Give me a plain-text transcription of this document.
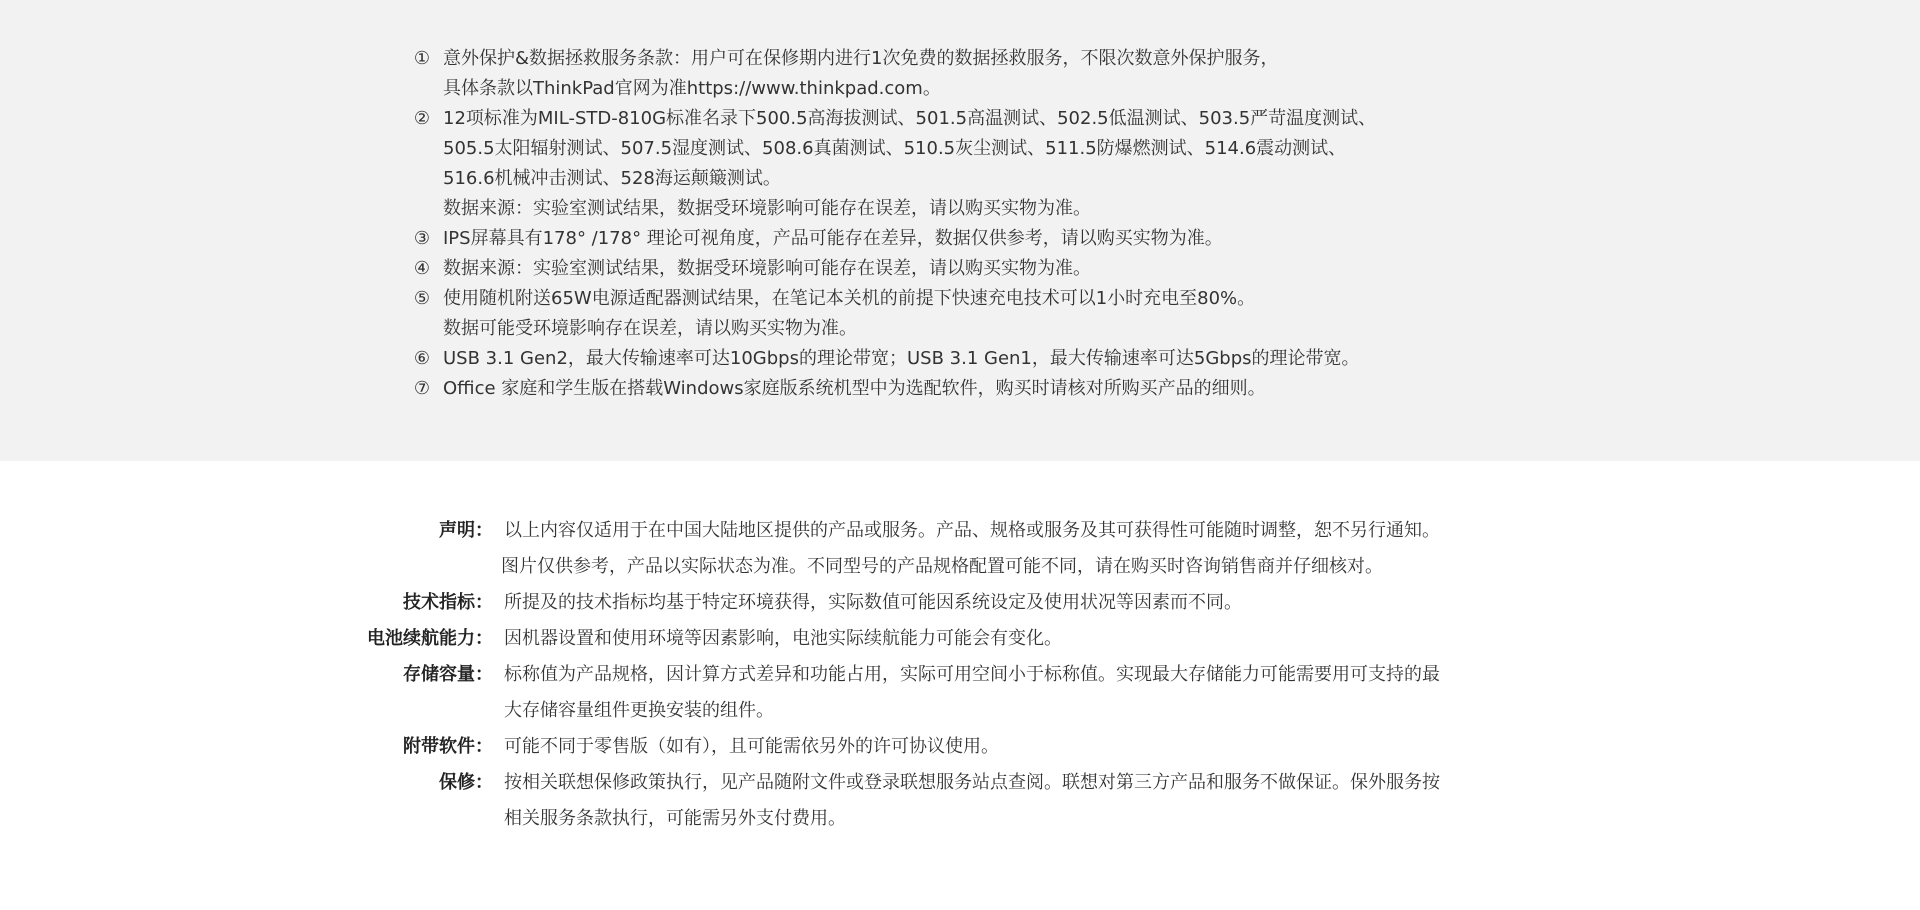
① 意外保护&数据拯救服务条款：用户可在保修期内进行1次免费的数据拯救服务，不限次数意外保护服务，
具体条款以ThinkPad官网为准https://www.thinkpad.com。
② 12项标准为MIL-STD-810G标准名录下500.5高海拔测试、501.5高温测试、502.5低温测试、503.5严苛温度测试、
505.5太阳辐射测试、507.5湿度测试、508.6真菌测试、510.5灰尘测试、511.5防爆燃测试、514.6震动测试、
516.6机械冲击测试、528海运颠簸测试。
数据来源：实验室测试结果，数据受环境影响可能存在误差，请以购买实物为准。
③ IPS屏幕具有178° /178° 理论可视角度，产品可能存在差异，数据仅供参考，请以购买实物为准。
④ 数据来源：实验室测试结果，数据受环境影响可能存在误差，请以购买实物为准。
⑤ 使用随机附送65W电源适配器测试结果，在笔记本关机的前提下快速充电技术可以1小时充电至80%。
数据可能受环境影响存在误差，请以购买实物为准。
⑥ USB 3.1 Gen2，最大传输速率可达10Gbps的理论带宽；USB 3.1 Gen1，最大传输速率可达5Gbps的理论带宽。
⑦ Office 家庭和学生版在搭载Windows家庭版系统机型中为选配软件，购买时请核对所购买产品的细则。
声明： 以上内容仅适用于在中国大陆地区提供的产品或服务。产品、规格或服务及其可获得性可能随时调整，恕不另行通知。
图片仅供参考，产品以实际状态为准。不同型号的产品规格配置可能不同，请在购买时咨询销售商并仔细核对。
技术指标： 所提及的技术指标均基于特定环境获得，实际数值可能因系统设定及使用状况等因素而不同。
电池续航能力： 因机器设置和使用环境等因素影响，电池实际续航能力可能会有变化。
存储容量： 标称值为产品规格，因计算方式差异和功能占用，实际可用空间小于标称值。实现最大存储能力可能需要用可支持的最
大存储容量组件更换安装的组件。
附带软件： 可能不同于零售版（如有），且可能需依另外的许可协议使用。
保修： 按相关联想保修政策执行，见产品随附文件或登录联想服务站点查阅。联想对第三方产品和服务不做保证。保外服务按
相关服务条款执行，可能需另外支付费用。
